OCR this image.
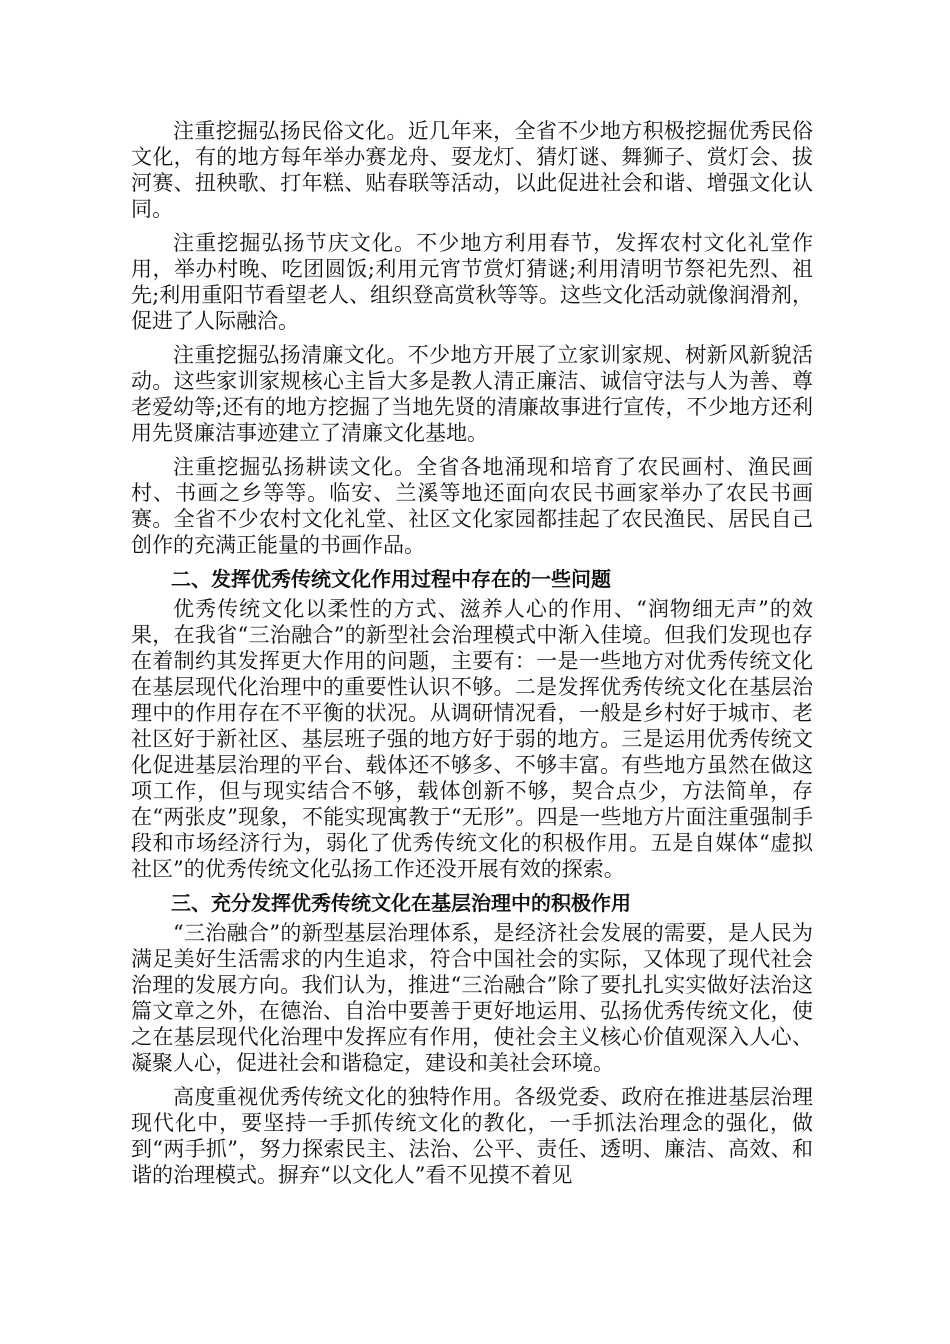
注重挖掘弘扬民俗文化。近几年来，全省不少地方积极挖掘优秀民俗文化，有的地方每年举办赛龙舟、耍龙灯、猜灯谜、舞狮子、赏灯会、拔河赛、扭秧歌、打年糕、贴春联等活动，以此促进社会和谐、增强文化认同。

注重挖掘弘扬节庆文化。不少地方利用春节，发挥农村文化礼堂作用，举办村晚、吃团圆饭;利用元宵节赏灯猜谜;利用清明节祭祀先烈、祖先;利用重阳节看望老人、组织登高赏秋等等。这些文化活动就像润滑剂，促进了人际融洽。

注重挖掘弘扬清廉文化。不少地方开展了立家训家规、树新风新貌活动。这些家训家规核心主旨大多是教人清正廉洁、诚信守法与人为善、尊老爱幼等;还有的地方挖掘了当地先贤的清廉故事进行宣传，不少地方还利用先贤廉洁事迹建立了清廉文化基地。

注重挖掘弘扬耕读文化。全省各地涌现和培育了农民画村、渔民画村、书画之乡等等。临安、兰溪等地还面向农民书画家举办了农民书画赛。全省不少农村文化礼堂、社区文化家园都挂起了农民渔民、居民自己创作的充满正能量的书画作品。

二、发挥优秀传统文化作用过程中存在的一些问题

优秀传统文化以柔性的方式、滋养人心的作用、“润物细无声”的效果，在我省“三治融合”的新型社会治理模式中渐入佳境。但我们发现也存在着制约其发挥更大作用的问题，主要有：一是一些地方对优秀传统文化在基层现代化治理中的重要性认识不够。二是发挥优秀传统文化在基层治理中的作用存在不平衡的状况。从调研情况看，一般是乡村好于城市、老社区好于新社区、基层班子强的地方好于弱的地方。三是运用优秀传统文化促进基层治理的平台、载体还不够多、不够丰富。有些地方虽然在做这项工作，但与现实结合不够，载体创新不够，契合点少，方法简单，存在“两张皮”现象，不能实现寓教于“无形”。四是一些地方片面注重强制手段和市场经济行为，弱化了优秀传统文化的积极作用。五是自媒体“虚拟社区”的优秀传统文化弘扬工作还没开展有效的探索。

三、充分发挥优秀传统文化在基层治理中的积极作用

“三治融合”的新型基层治理体系，是经济社会发展的需要，是人民为满足美好生活需求的内生追求，符合中国社会的实际，又体现了现代社会治理的发展方向。我们认为，推进“三治融合”除了要扎扎实实做好法治这篇文章之外，在德治、自治中要善于更好地运用、弘扬优秀传统文化，使之在基层现代化治理中发挥应有作用，使社会主义核心价值观深入人心、凝聚人心，促进社会和谐稳定，建设和美社会环境。

高度重视优秀传统文化的独特作用。各级党委、政府在推进基层治理现代化中，要坚持一手抓传统文化的教化，一手抓法治理念的强化，做到“两手抓”，努力探索民主、法治、公平、责任、透明、廉洁、高效、和谐的治理模式。摒弃“以文化人”看不见摸不着见
